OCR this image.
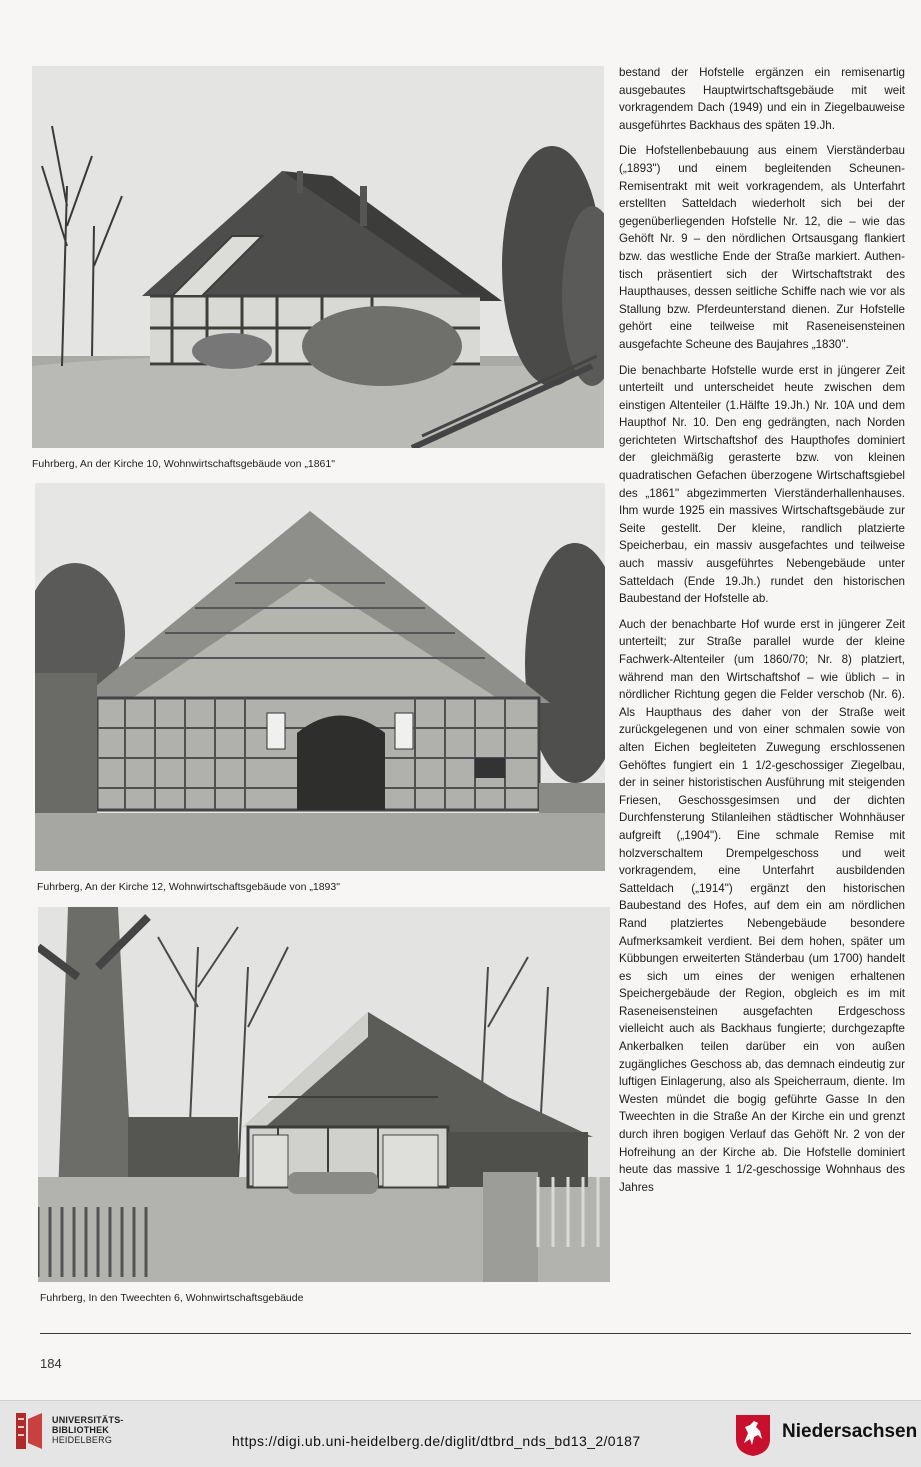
Fuhrberg, An der Kirche 10, Wohnwirtschaftsgebäude von „1861"
Fuhrberg, An der Kirche 12, Wohnwirtschaftsgebäude von „1893"
Fuhrberg, In den Tweechten 6, Wohnwirtschaftsgebäude

bestand der Hofstelle ergänzen ein remisenartig ausgebautes Hauptwirtschaftsgebäude mit weit vorkragendem Dach (1949) und ein in Ziegelbauweise ausgeführtes Backhaus des späten 19.Jh.

Die Hofstellenbebauung aus einem Vierständerbau („1893") und einem begleitenden Scheunen-Remisentrakt mit weit vorkragendem, als Unterfahrt erstellten Satteldach wiederholt sich bei der gegenüberliegenden Hofstelle Nr. 12, die – wie das Gehöft Nr. 9 – den nördlichen Ortsausgang flankiert bzw. das westliche Ende der Straße markiert. Authentisch präsentiert sich der Wirtschaftstrakt des Haupthauses, dessen seitliche Schiffe nach wie vor als Stallung bzw. Pferdeunterstand dienen. Zur Hofstelle gehört eine teilweise mit Raseneisensteinen ausgefachte Scheune des Baujahres „1830".

Die benachbarte Hofstelle wurde erst in jüngerer Zeit unterteilt und unterscheidet heute zwischen dem einstigen Altenteiler (1.Hälfte 19.Jh.) Nr. 10A und dem Haupthof Nr. 10. Den eng gedrängten, nach Norden gerichteten Wirtschaftshof des Haupthofes dominiert der gleichmäßig gerasterte bzw. von kleinen quadratischen Gefachen überzogene Wirtschaftsgiebel des „1861" abgezimmerten Vierständerhallenhauses. Ihm wurde 1925 ein massives Wirtschaftsgebäude zur Seite gestellt. Der kleine, randlich platzierte Speicherbau, ein massiv ausgefachtes und teilweise auch massiv ausgeführtes Nebengebäude unter Satteldach (Ende 19.Jh.) rundet den historischen Baubestand der Hofstelle ab.

Auch der benachbarte Hof wurde erst in jüngerer Zeit unterteilt; zur Straße parallel wurde der kleine Fachwerk-Altenteiler (um 1860/70; Nr. 8) platziert, während man den Wirtschaftshof – wie üblich – in nördlicher Richtung gegen die Felder verschob (Nr. 6). Als Haupthaus des daher von der Straße weit zurückgelegenen und von einer schmalen sowie von alten Eichen begleiteten Zuwegung erschlossenen Gehöftes fungiert ein 1 1/2-geschossiger Ziegelbau, der in seiner historistischen Ausführung mit steigenden Friesen, Geschossgesimsen und der dichten Durchfensterung Stilanleihen städtischer Wohnhäuser aufgreift („1904"). Eine schmale Remise mit holzverschaltem Drempelgeschoss und weit vorkragendem, eine Unterfahrt ausbildenden Satteldach („1914") ergänzt den historischen Baubestand des Hofes, auf dem ein am nördlichen Rand platziertes Nebengebäude besondere Aufmerksamkeit verdient. Bei dem hohen, später um Kübbungen erweiterten Ständerbau (um 1700) handelt es sich um eines der wenigen erhaltenen Speichergebäude der Region, obgleich es im mit Raseneisensteinen ausgefachten Erdgeschoss vielleicht auch als Backhaus fungierte; durchgezapfte Ankerbalken teilen darüber ein von außen zugängliches Geschoss ab, das demnach eindeutig zur luftigen Einlagerung, also als Speicherraum, diente. Im Westen mündet die bogig geführte Gasse In den Tweechten in die Straße An der Kirche ein und grenzt durch ihren bogigen Verlauf das Gehöft Nr. 2 von der Hofreihung an der Kirche ab. Die Hofstelle dominiert heute das massive 1 1/2-geschossige Wohnhaus des Jahres

184
UNIVERSITÄTS-
BIBLIOTHEK
HEIDELBERG	https://digi.ub.uni-heidelberg.de/diglit/dtbrd_nds_bd13_2/0187	Niedersachsen
